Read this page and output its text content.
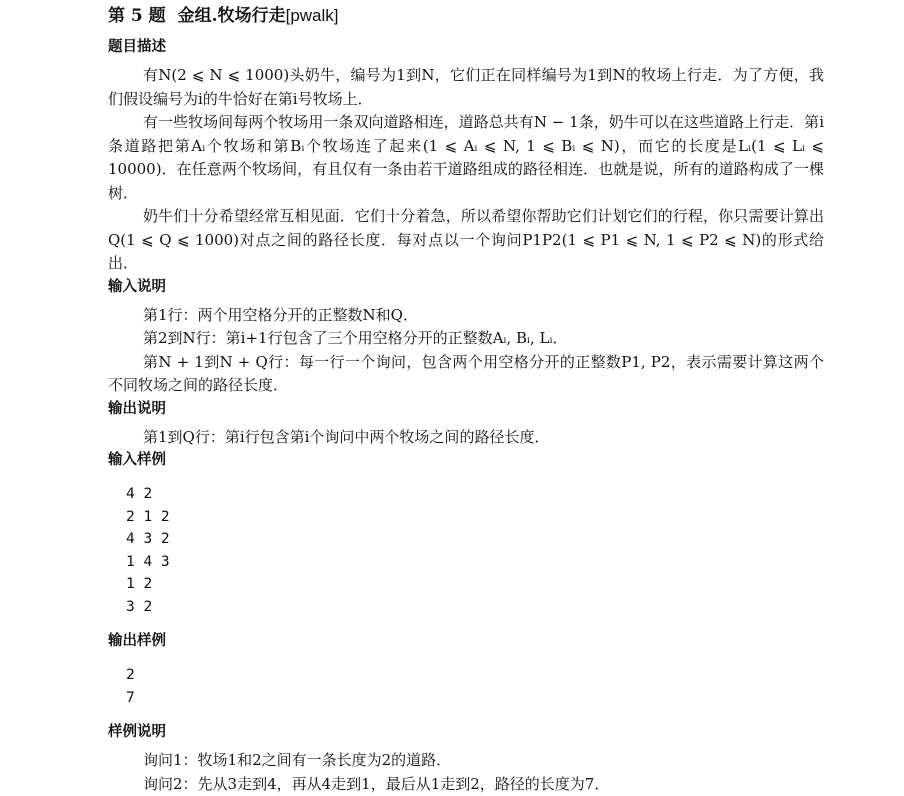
第 5 题 金组.牧场行走[pwalk]
题目描述
有N(2 ⩽ N ⩽ 1000)头奶牛，编号为1到N，它们正在同样编号为1到N的牧场上行走．为了方便，我们假设编号为i的牛恰好在第i号牧场上．
有一些牧场间每两个牧场用一条双向道路相连，道路总共有N − 1条，奶牛可以在这些道路上行走．第i条道路把第Aᵢ个牧场和第Bᵢ个牧场连了起来(1 ⩽ Aᵢ ⩽ N, 1 ⩽ Bᵢ ⩽ N)，而它的长度是Lᵢ(1 ⩽ Lᵢ ⩽ 10000)．在任意两个牧场间，有且仅有一条由若干道路组成的路径相连．也就是说，所有的道路构成了一棵树．
奶牛们十分希望经常互相见面．它们十分着急，所以希望你帮助它们计划它们的行程，你只需要计算出Q(1 ⩽ Q ⩽ 1000)对点之间的路径长度．每对点以一个询问P1P2(1 ⩽ P1 ⩽ N, 1 ⩽ P2 ⩽ N)的形式给出．
输入说明
第1行：两个用空格分开的正整数N和Q．
第2到N行：第i+1行包含了三个用空格分开的正整数Aᵢ, Bᵢ, Lᵢ．
第N + 1到N + Q行：每一行一个询问，包含两个用空格分开的正整数P1, P2，表示需要计算这两个不同牧场之间的路径长度．
输出说明
第1到Q行：第i行包含第i个询问中两个牧场之间的路径长度．
输入样例
4 2
2 1 2
4 3 2
1 4 3
1 2
3 2
输出样例
2
7
样例说明
询问1：牧场1和2之间有一条长度为2的道路．
询问2：先从3走到4，再从4走到1，最后从1走到2，路径的长度为7．
